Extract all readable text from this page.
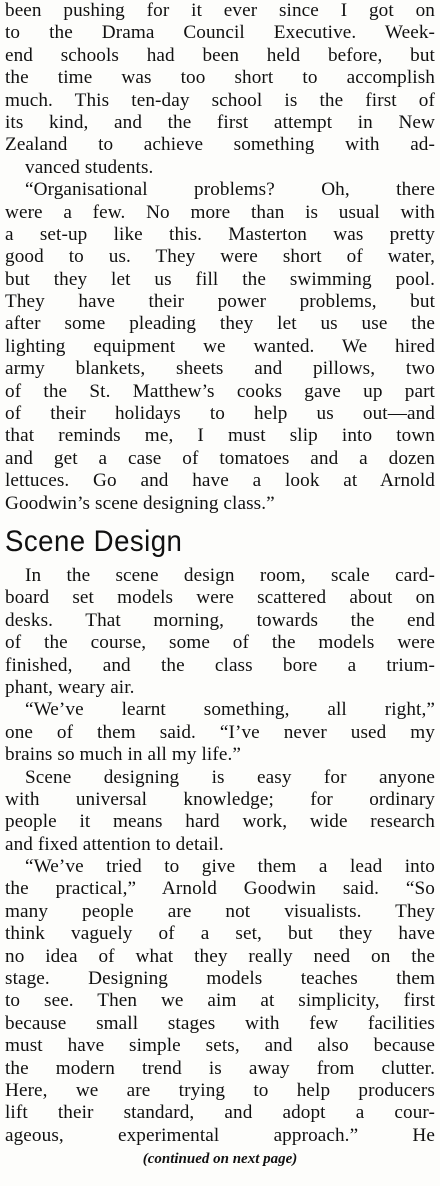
been pushing for it ever since I got on
to the Drama Council Executive. Week-
end schools had been held before, but
the time was too short to accomplish
much. This ten-day school is the first of
its kind, and the first attempt in New
Zealand to achieve something with ad-
vanced students.
“Organisational problems? Oh, there
were a few. No more than is usual with
a set-up like this. Masterton was pretty
good to us. They were short of water,
but they let us fill the swimming pool.
They have their power problems, but
after some pleading they let us use the
lighting equipment we wanted. We hired
army blankets, sheets and pillows, two
of the St. Matthew’s cooks gave up part
of their holidays to help us out—and
that reminds me, I must slip into town
and get a case of tomatoes and a dozen
lettuces. Go and have a look at Arnold
Goodwin’s scene designing class.”
Scene Design
In the scene design room, scale card-
board set models were scattered about on
desks. That morning, towards the end
of the course, some of the models were
finished, and the class bore a trium-
phant, weary air.
“We’ve learnt something, all right,”
one of them said. “I’ve never used my
brains so much in all my life.”
Scene designing is easy for anyone
with universal knowledge; for ordinary
people it means hard work, wide research
and fixed attention to detail.
“We’ve tried to give them a lead into
the practical,” Arnold Goodwin said. “So
many people are not visualists. They
think vaguely of a set, but they have
no idea of what they really need on the
stage. Designing models teaches them
to see. Then we aim at simplicity, first
because small stages with few facilities
must have simple sets, and also because
the modern trend is away from clutter.
Here, we are trying to help producers
lift their standard, and adopt a cour-
ageous, experimental approach.” He
(continued on next page)
